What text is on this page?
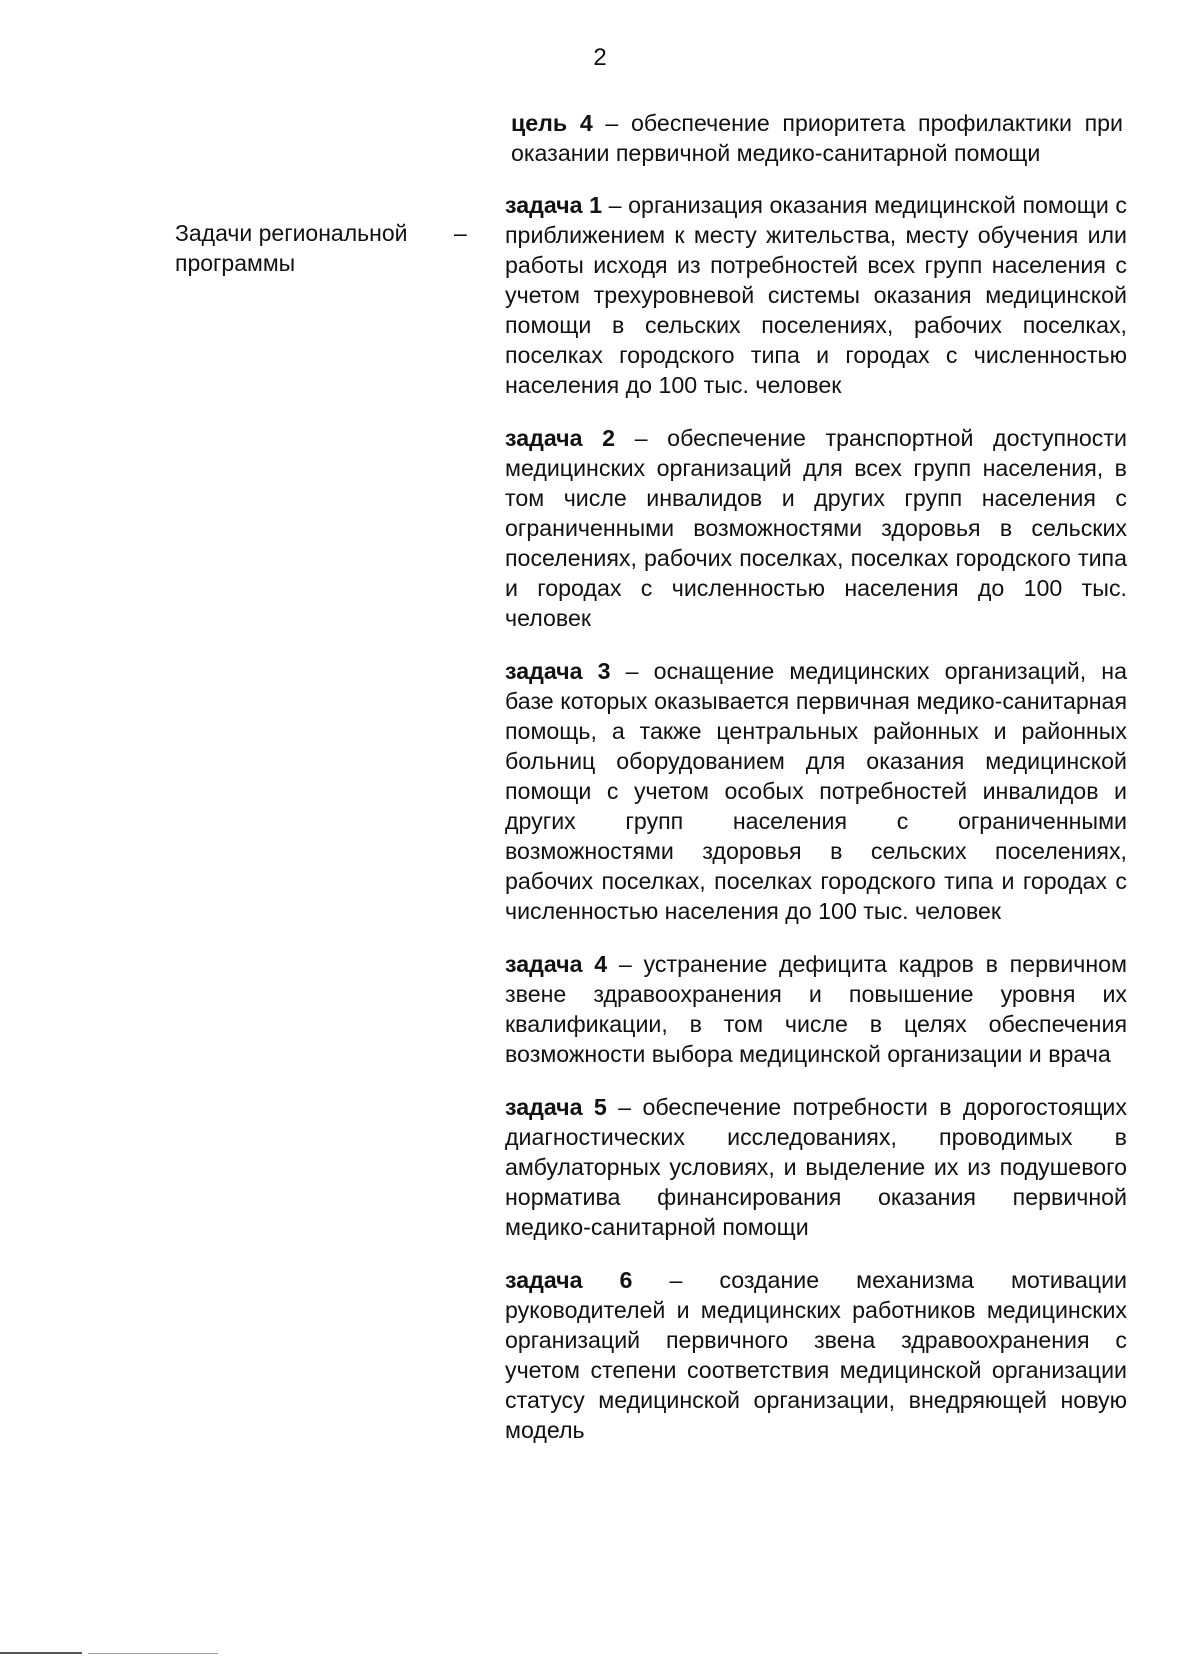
2
Задачи региональной программы
–

цель 4 – обеспечение приоритета профилактики при оказании первичной медико-санитарной помощи

задача 1 – организация оказания медицинской помощи с приближением к месту жительства, месту обучения или работы исходя из потребностей всех групп населения с учетом трехуровневой системы оказания медицинской помощи в сельских поселениях, рабочих поселках, поселках городского типа и городах с численностью населения до 100 тыс. человек

задача 2 – обеспечение транспортной доступности медицинских организаций для всех групп населения, в том числе инвалидов и других групп населения с ограниченными возможностями здоровья в сельских поселениях, рабочих поселках, поселках городского типа и городах с численностью населения до 100 тыс. человек

задача 3 – оснащение медицинских организаций, на базе которых оказывается первичная медико-санитарная помощь, а также центральных районных и районных больниц оборудованием для оказания медицинской помощи с учетом особых потребностей инвалидов и других групп населения с ограниченными возможностями здоровья в сельских поселениях, рабочих поселках, поселках городского типа и городах с численностью населения до 100 тыс. человек

задача 4 – устранение дефицита кадров в первичном звене здравоохранения и повышение уровня их квалификации, в том числе в целях обеспечения возможности выбора медицинской организации и врача

задача 5 – обеспечение потребности в дорогостоящих диагностических исследованиях, проводимых в амбулаторных условиях, и выделение их из подушевого норматива финансирования оказания первичной медико-санитарной помощи

задача 6 – создание механизма мотивации руководителей и медицинских работников медицинских организаций первичного звена здравоохранения с учетом степени соответствия медицинской организации статусу медицинской организации, внедряющей новую модель
